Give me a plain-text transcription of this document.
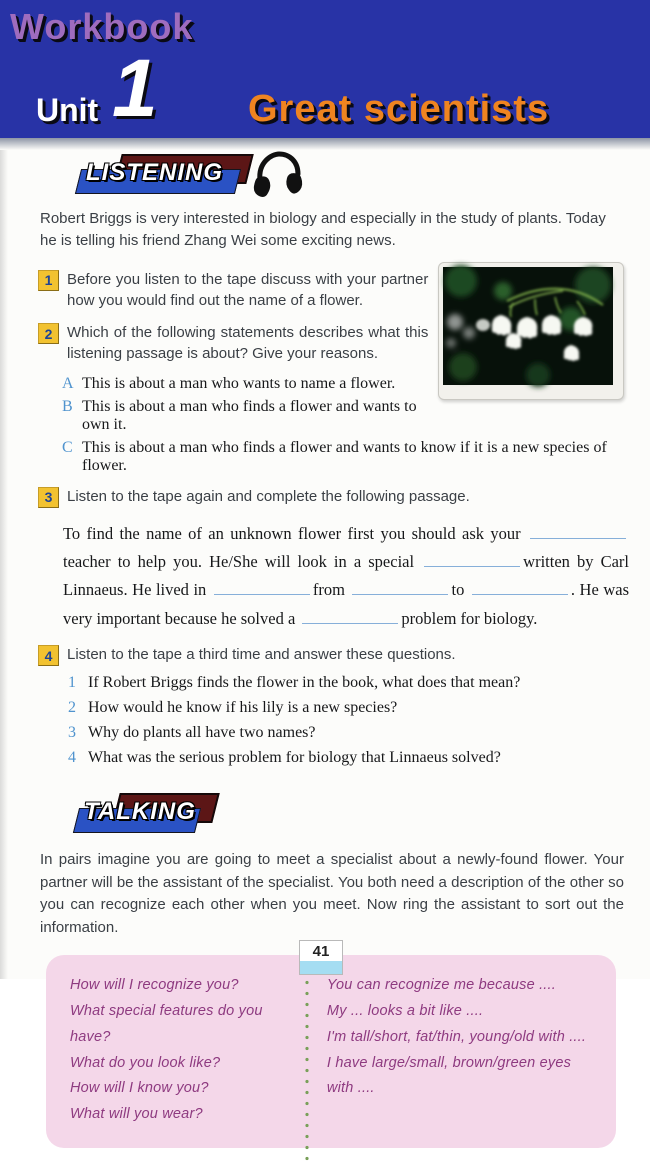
Workbook
Unit 1 Great scientists
LISTENING

Robert Briggs is very interested in biology and especially in the study of plants. Today he is telling his friend Zhang Wei some exciting news.

1 Before you listen to the tape discuss with your partner how you would find out the name of a flower.
2 Which of the following statements describes what this listening passage is about? Give your reasons.
A This is about a man who wants to name a flower.
B This is about a man who finds a flower and wants to own it.
C This is about a man who finds a flower and wants to know if it is a new species of flower.
3 Listen to the tape again and complete the following passage.

To find the name of an unknown flower first you should ask your teacher to help you. He/She will look in a special	written by Carl Linnaeus. He lived in	from	to	. He was very important because he solved a	problem for biology.

4 Listen to the tape a third time and answer these questions.
1 If Robert Briggs finds the flower in the book, what does that mean?
2 How would he know if his lily is a new species?
3 Why do plants all have two names?
4 What was the serious problem for biology that Linnaeus solved?
TALKING

In pairs imagine you are going to meet a specialist about a newly-found flower. Your partner will be the assistant of the specialist. You both need a description of the other so you can recognize each other when you meet. Now ring the assistant to sort out the information.

How will I recognize you?
What special features do you have?
What do you look like?
How will I know you?
What will you wear?
You can recognize me because ....
My ... looks a bit like ....
I'm tall/short, fat/thin, young/old with ....
I have large/small, brown/green eyes with ....
41
